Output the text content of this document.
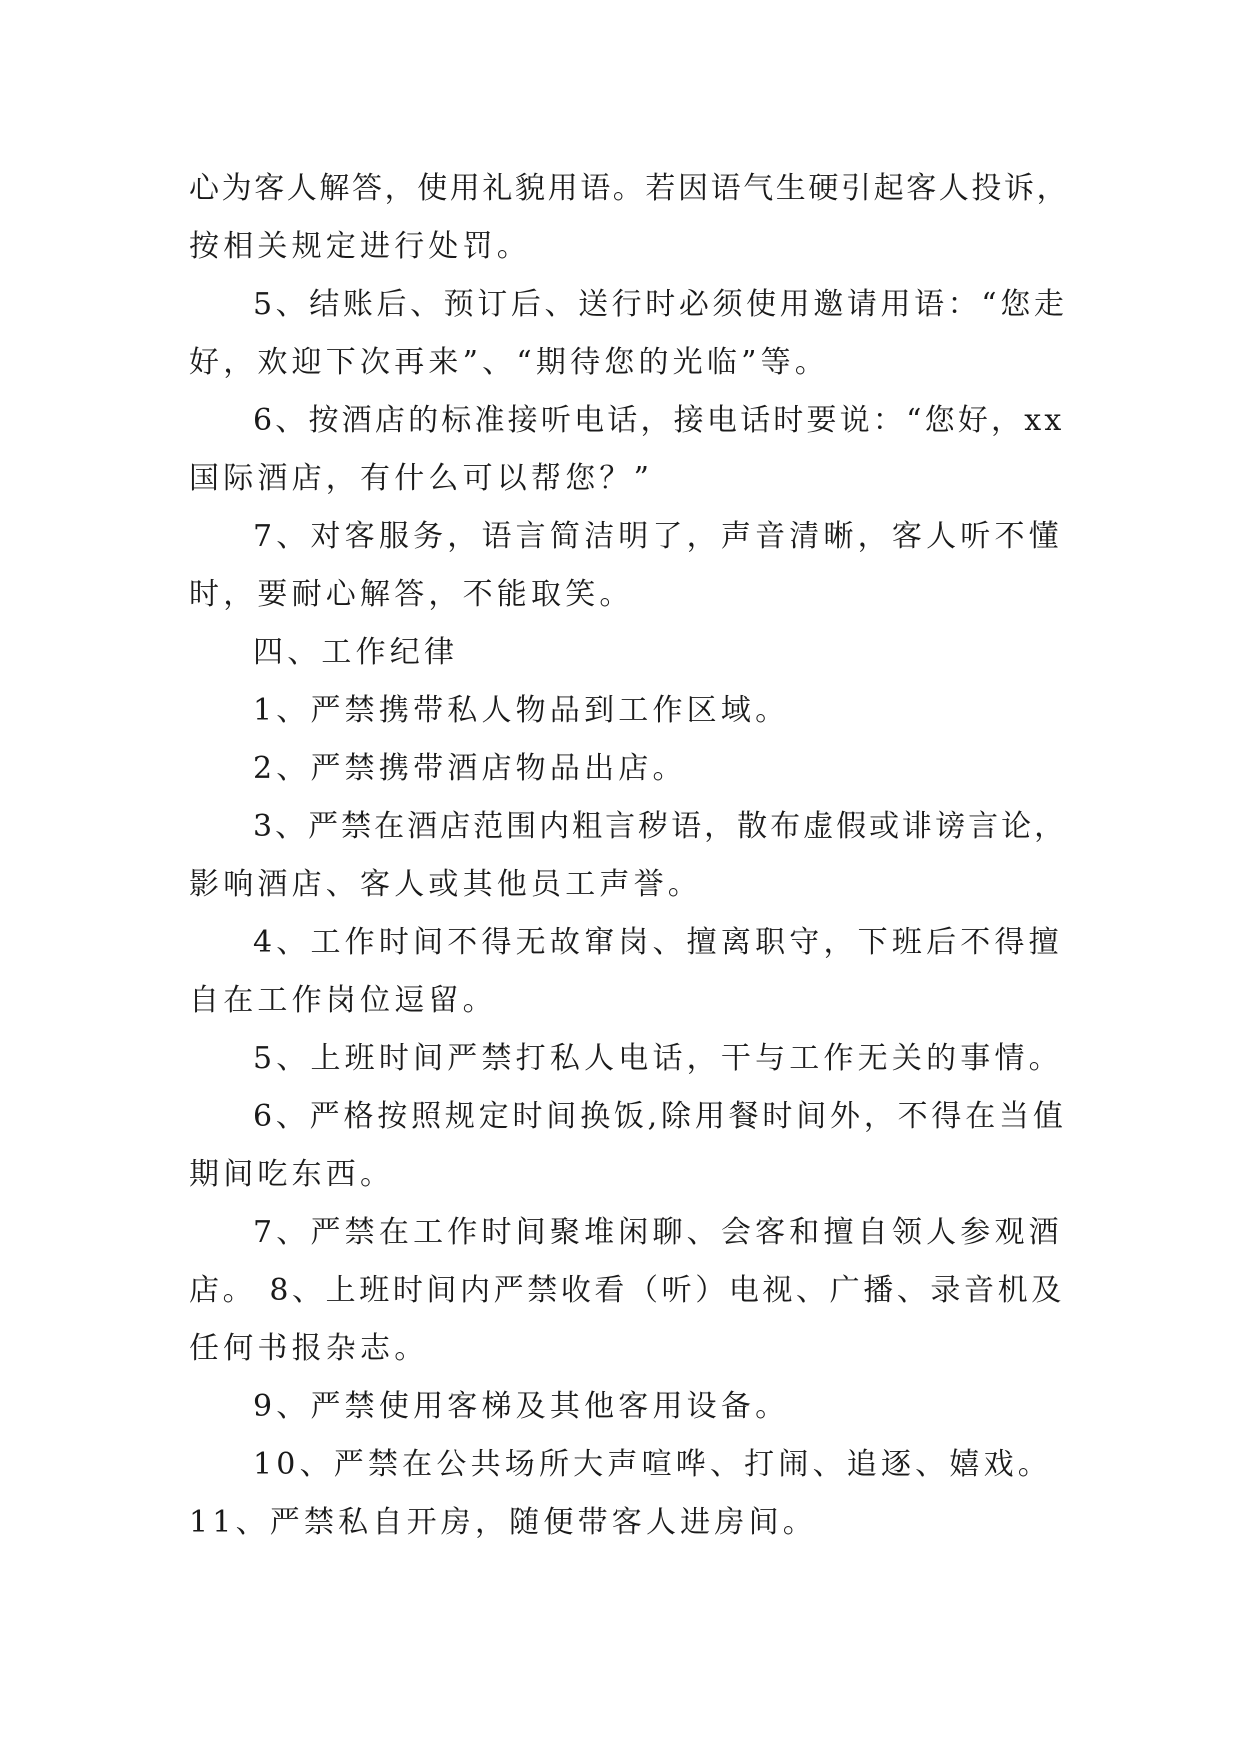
心为客人解答，使用礼貌用语。若因语气生硬引起客人投诉，
按相关规定进行处罚。
5、结账后、预订后、送行时必须使用邀请用语：“您走
好，欢迎下次再来”、“期待您的光临”等。
6、按酒店的标准接听电话，接电话时要说：“您好，xx
国际酒店，有什么可以帮您？”
7、对客服务，语言简洁明了，声音清晰，客人听不懂
时，要耐心解答，不能取笑。
四、工作纪律
1、严禁携带私人物品到工作区域。
2、严禁携带酒店物品出店。
3、严禁在酒店范围内粗言秽语，散布虚假或诽谤言论，
影响酒店、客人或其他员工声誉。
4、工作时间不得无故窜岗、擅离职守，下班后不得擅
自在工作岗位逗留。
5、上班时间严禁打私人电话，干与工作无关的事情。
6、严格按照规定时间换饭,除用餐时间外，不得在当值
期间吃东西。
7、严禁在工作时间聚堆闲聊、会客和擅自领人参观酒
店。 8、上班时间内严禁收看（听）电视、广播、录音机及
任何书报杂志。
9、严禁使用客梯及其他客用设备。
10、严禁在公共场所大声喧哗、打闹、追逐、嬉戏。
11、严禁私自开房，随便带客人进房间。
